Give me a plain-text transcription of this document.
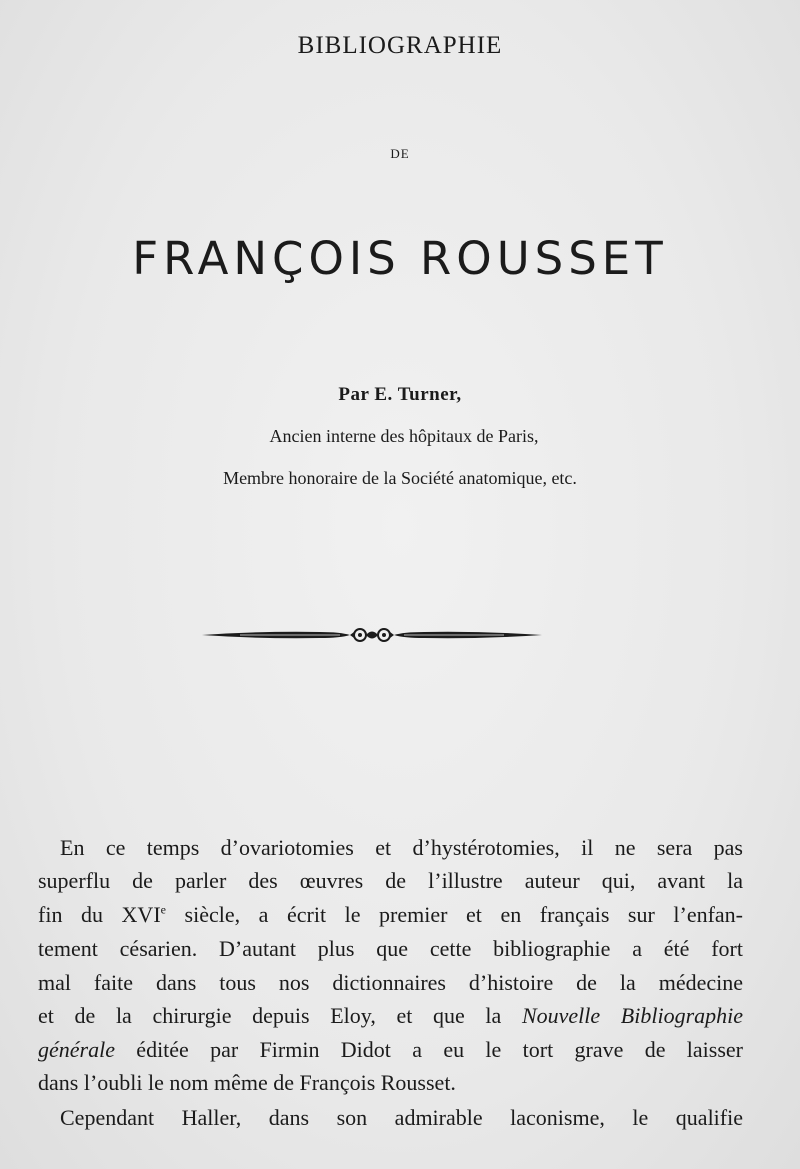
BIBLIOGRAPHIE
DE
FRANÇOIS ROUSSET
Par E. Turner,
Ancien interne des hôpitaux de Paris,
Membre honoraire de la Société anatomique, etc.
En ce temps d’ovariotomies et d’hystérotomies, il ne sera pas
superflu de parler des œuvres de l’illustre auteur qui, avant la
fin du XVIe siècle, a écrit le premier et en français sur l’enfan-
tement césarien. D’autant plus que cette bibliographie a été fort
mal faite dans tous nos dictionnaires d’histoire de la médecine
et de la chirurgie depuis Eloy, et que la Nouvelle Bibliographie
générale éditée par Firmin Didot a eu le tort grave de laisser
dans l’oubli le nom même de François Rousset.
Cependant Haller, dans son admirable laconisme, le qualifie
